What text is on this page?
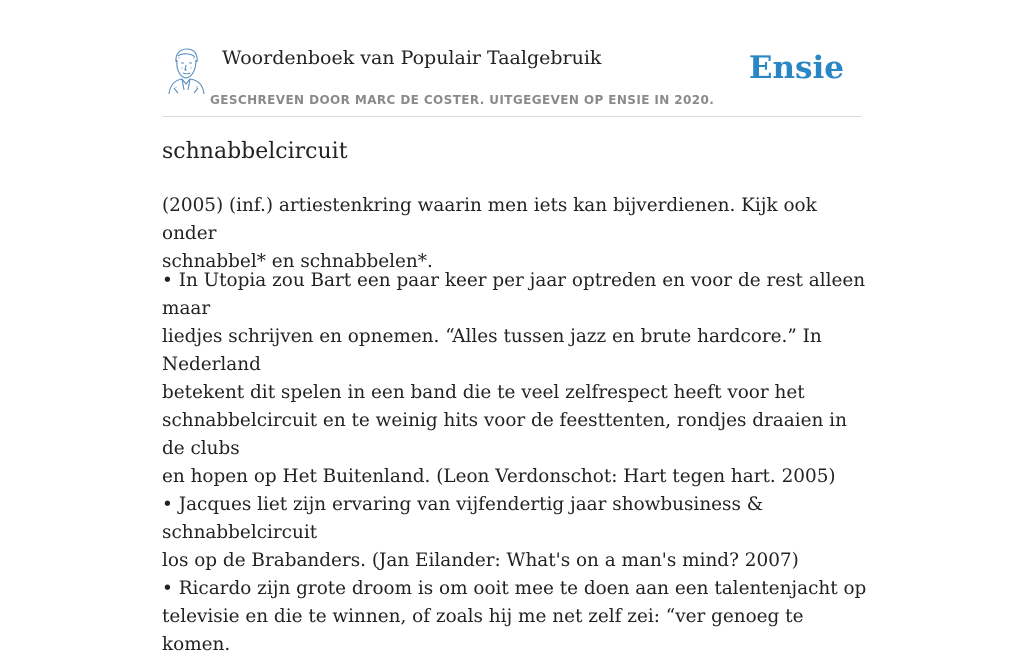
Woordenboek van Populair Taalgebruik
GESCHREVEN DOOR MARC DE COSTER. UITGEGEVEN OP ENSIE IN 2020.
Ensie
schnabbelcircuit

(2005) (inf.) artiestenkring waarin men iets kan bijverdienen. Kijk ook onder
schnabbel* en schnabbelen*.

• In Utopia zou Bart een paar keer per jaar optreden en voor de rest alleen maar
liedjes schrijven en opnemen. “Alles tussen jazz en brute hardcore.” In Nederland
betekent dit spelen in een band die te veel zelfrespect heeft voor het
schnabbelcircuit en te weinig hits voor de feesttenten, rondjes draaien in de clubs
en hopen op Het Buitenland. (Leon Verdonschot: Hart tegen hart. 2005)
• Jacques liet zijn ervaring van vijfendertig jaar showbusiness & schnabbelcircuit
los op de Brabanders. (Jan Eilander: What's on a man's mind? 2007)
• Ricardo zijn grote droom is om ooit mee te doen aan een talentenjacht op
televisie en die te winnen, of zoals hij me net zelf zei: “ver genoeg te komen.
